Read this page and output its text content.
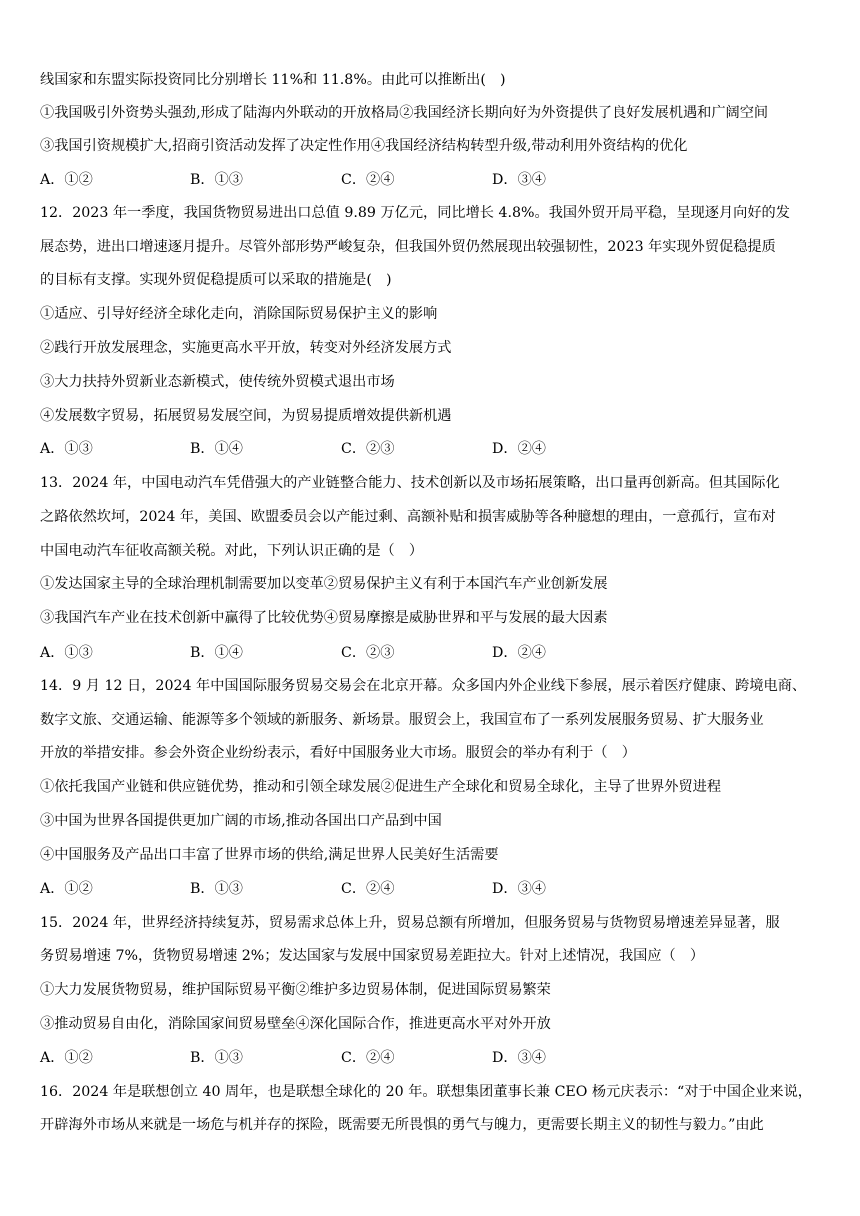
线国家和东盟实际投资同比分别增长 11%和 11.8%。由此可以推断出(　)
①我国吸引外资势头强劲,形成了陆海内外联动的开放格局②我国经济长期向好为外资提供了良好发展机遇和广阔空间
③我国引资规模扩大,招商引资活动发挥了决定性作用④我国经济结构转型升级,带动利用外资结构的优化
A．①②	B．①③	C．②④	D．③④
12．2023 年一季度，我国货物贸易进出口总值 9.89 万亿元，同比增长 4.8%。我国外贸开局平稳，呈现逐月向好的发
展态势，进出口增速逐月提升。尽管外部形势严峻复杂，但我国外贸仍然展现出较强韧性，2023 年实现外贸促稳提质
的目标有支撑。实现外贸促稳提质可以采取的措施是(　)
①适应、引导好经济全球化走向，消除国际贸易保护主义的影响
②践行开放发展理念，实施更高水平开放，转变对外经济发展方式
③大力扶持外贸新业态新模式，使传统外贸模式退出市场
④发展数字贸易，拓展贸易发展空间，为贸易提质增效提供新机遇
A．①③	B．①④	C．②③	D．②④
13．2024 年，中国电动汽车凭借强大的产业链整合能力、技术创新以及市场拓展策略，出口量再创新高。但其国际化
之路依然坎坷，2024 年，美国、欧盟委员会以产能过剩、高额补贴和损害威胁等各种臆想的理由，一意孤行，宣布对
中国电动汽车征收高额关税。对此，下列认识正确的是（　）
①发达国家主导的全球治理机制需要加以变革②贸易保护主义有利于本国汽车产业创新发展
③我国汽车产业在技术创新中赢得了比较优势④贸易摩擦是威胁世界和平与发展的最大因素
A．①③	B．①④	C．②③	D．②④
14．9 月 12 日，2024 年中国国际服务贸易交易会在北京开幕。众多国内外企业线下参展，展示着医疗健康、跨境电商、
数字文旅、交通运输、能源等多个领域的新服务、新场景。服贸会上，我国宣布了一系列发展服务贸易、扩大服务业
开放的举措安排。参会外资企业纷纷表示，看好中国服务业大市场。服贸会的举办有利于（　）
①依托我国产业链和供应链优势，推动和引领全球发展②促进生产全球化和贸易全球化，主导了世界外贸进程
③中国为世界各国提供更加广阔的市场,推动各国出口产品到中国
④中国服务及产品出口丰富了世界市场的供给,满足世界人民美好生活需要
A．①②	B．①③	C．②④	D．③④
15．2024 年，世界经济持续复苏，贸易需求总体上升，贸易总额有所增加，但服务贸易与货物贸易增速差异显著，服
务贸易增速 7%，货物贸易增速 2%；发达国家与发展中国家贸易差距拉大。针对上述情况，我国应（　）
①大力发展货物贸易，维护国际贸易平衡②维护多边贸易体制，促进国际贸易繁荣
③推动贸易自由化，消除国家间贸易壁垒④深化国际合作，推进更高水平对外开放
A．①②	B．①③	C．②④	D．③④
16．2024 年是联想创立 40 周年，也是联想全球化的 20 年。联想集团董事长兼 CEO 杨元庆表示：“对于中国企业来说，
开辟海外市场从来就是一场危与机并存的探险，既需要无所畏惧的勇气与魄力，更需要长期主义的韧性与毅力。”由此
